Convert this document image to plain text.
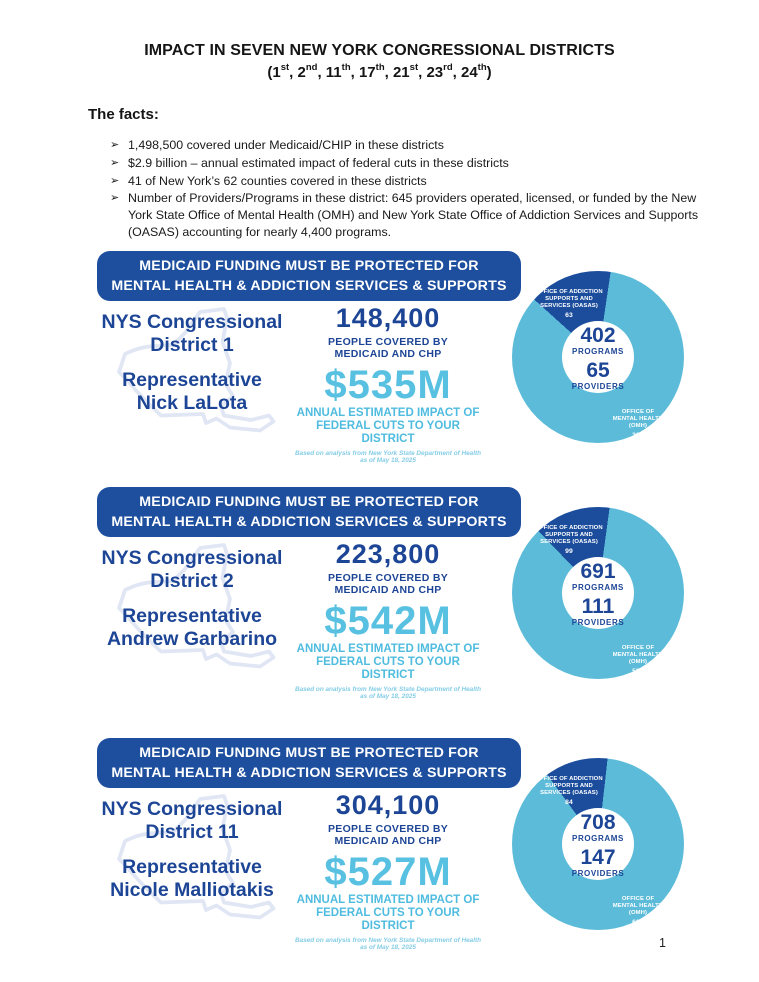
IMPACT IN SEVEN NEW YORK CONGRESSIONAL DISTRICTS
(1st, 2nd, 11th, 17th, 21st, 23rd, 24th)
The facts:
➢ 1,498,500 covered under Medicaid/CHIP in these districts
➢ $2.9 billion – annual estimated impact of federal cuts in these districts
➢ 41 of New York’s 62 counties covered in these districts
➢ Number of Providers/Programs in these district: 645 providers operated, licensed, or funded by the New York State Office of Mental Health (OMH) and New York State Office of Addiction Services and Supports (OASAS) accounting for nearly 4,400 programs.
OFFICE OF ADDICTION
SUPPORTS AND
SERVICES (OASAS)
63
OFFICE OF
MENTAL HEALTH
(OMH)
339
402
PROGRAMS
65
PROVIDERS
MEDICAID FUNDING MUST BE PROTECTED FOR
MENTAL HEALTH & ADDICTION SERVICES & SUPPORTS
NYS Congressional
District 1
Representative
Nick LaLota
148,400
PEOPLE COVERED BY
MEDICAID AND CHP
$535M
ANNUAL ESTIMATED IMPACT OF
FEDERAL CUTS TO YOUR DISTRICT
Based on analysis from New York State Department of Health as of May 18, 2025
OFFICE OF ADDICTION
SUPPORTS AND
SERVICES (OASAS)
99
OFFICE OF
MENTAL HEALTH
(OMH)
592
691
PROGRAMS
111
PROVIDERS
MEDICAID FUNDING MUST BE PROTECTED FOR
MENTAL HEALTH & ADDICTION SERVICES & SUPPORTS
NYS Congressional
District 2
Representative
Andrew Garbarino
223,800
PEOPLE COVERED BY
MEDICAID AND CHP
$542M
ANNUAL ESTIMATED IMPACT OF
FEDERAL CUTS TO YOUR DISTRICT
Based on analysis from New York State Department of Health as of May 18, 2025
OFFICE OF ADDICTION
SUPPORTS AND
SERVICES (OASAS)
84
OFFICE OF
MENTAL HEALTH
(OMH)
624
708
PROGRAMS
147
PROVIDERS
MEDICAID FUNDING MUST BE PROTECTED FOR
MENTAL HEALTH & ADDICTION SERVICES & SUPPORTS
NYS Congressional
District 11
Representative
Nicole Malliotakis
304,100
PEOPLE COVERED BY
MEDICAID AND CHP
$527M
ANNUAL ESTIMATED IMPACT OF
FEDERAL CUTS TO YOUR DISTRICT
Based on analysis from New York State Department of Health as of May 18, 2025	1
